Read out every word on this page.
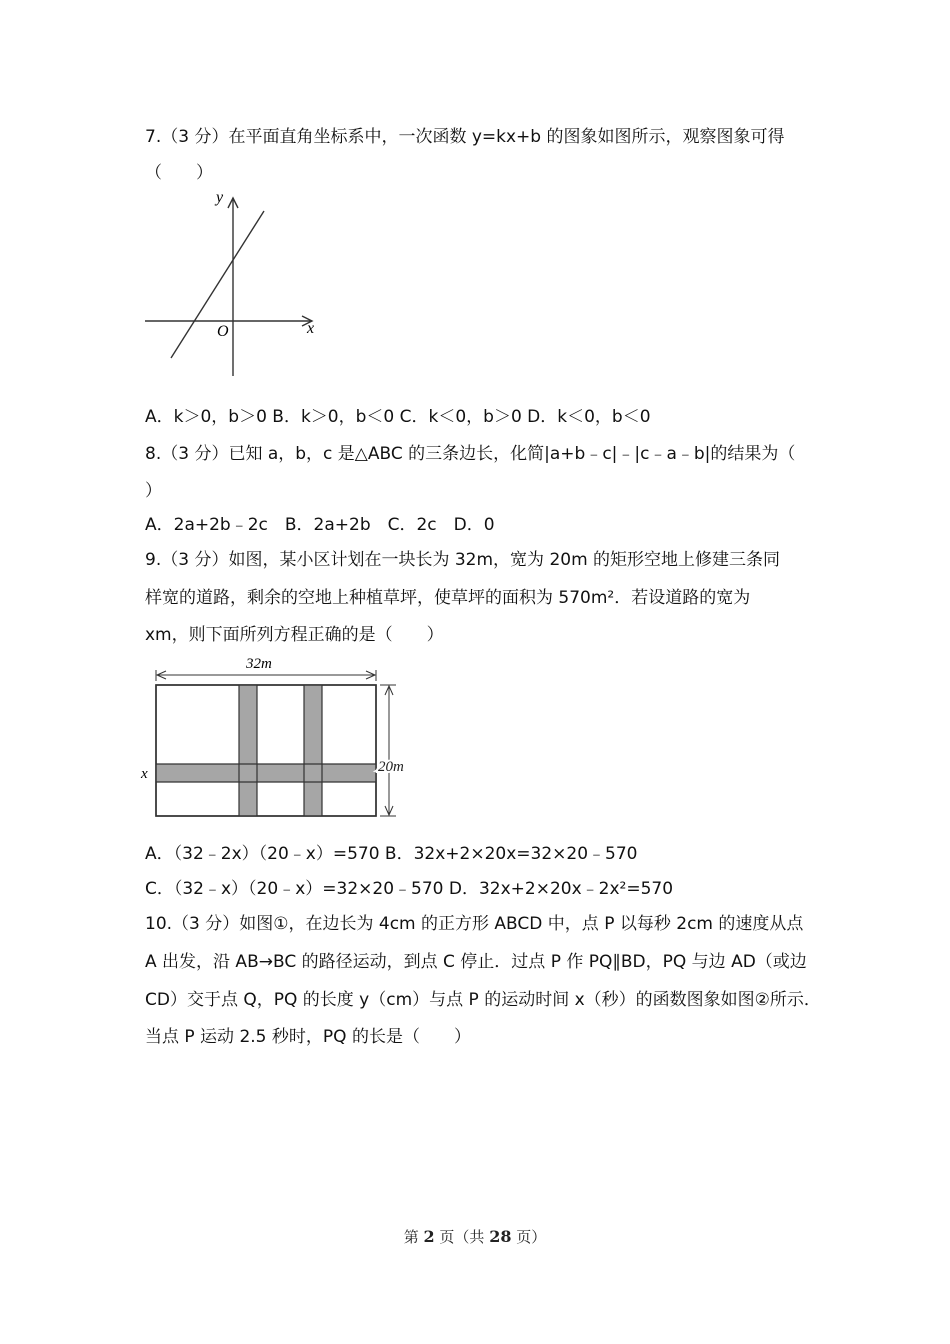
7.（3 分）在平面直角坐标系中，一次函数 y=kx+b 的图象如图所示，观察图象可得
（　　）
y
x
O
A．k＞0，b＞0 B．k＞0，b＜0 C．k＜0，b＞0 D．k＜0，b＜0
8.（3 分）已知 a，b，c 是△ABC 的三条边长，化简|a+b﹣c|﹣|c﹣a﹣b|的结果为（
）
A．2a+2b﹣2c　B．2a+2b　C．2c　D．0
9.（3 分）如图，某小区计划在一块长为 32m，宽为 20m 的矩形空地上修建三条同
样宽的道路，剩余的空地上种植草坪，使草坪的面积为 570m²．若设道路的宽为
xm，则下面所列方程正确的是（　　）
32m
20m
x
A．（32﹣2x）（20﹣x）=570 B．32x+2×20x=32×20﹣570
C．（32﹣x）（20﹣x）=32×20﹣570 D．32x+2×20x﹣2x²=570
10.（3 分）如图①，在边长为 4cm 的正方形 ABCD 中，点 P 以每秒 2cm 的速度从点
A 出发，沿 AB→BC 的路径运动，到点 C 停止．过点 P 作 PQ∥BD，PQ 与边 AD（或边
CD）交于点 Q，PQ 的长度 y（cm）与点 P 的运动时间 x（秒）的函数图象如图②所示．
当点 P 运动 2.5 秒时，PQ 的长是（　　）
第 2 页（共 28 页）
